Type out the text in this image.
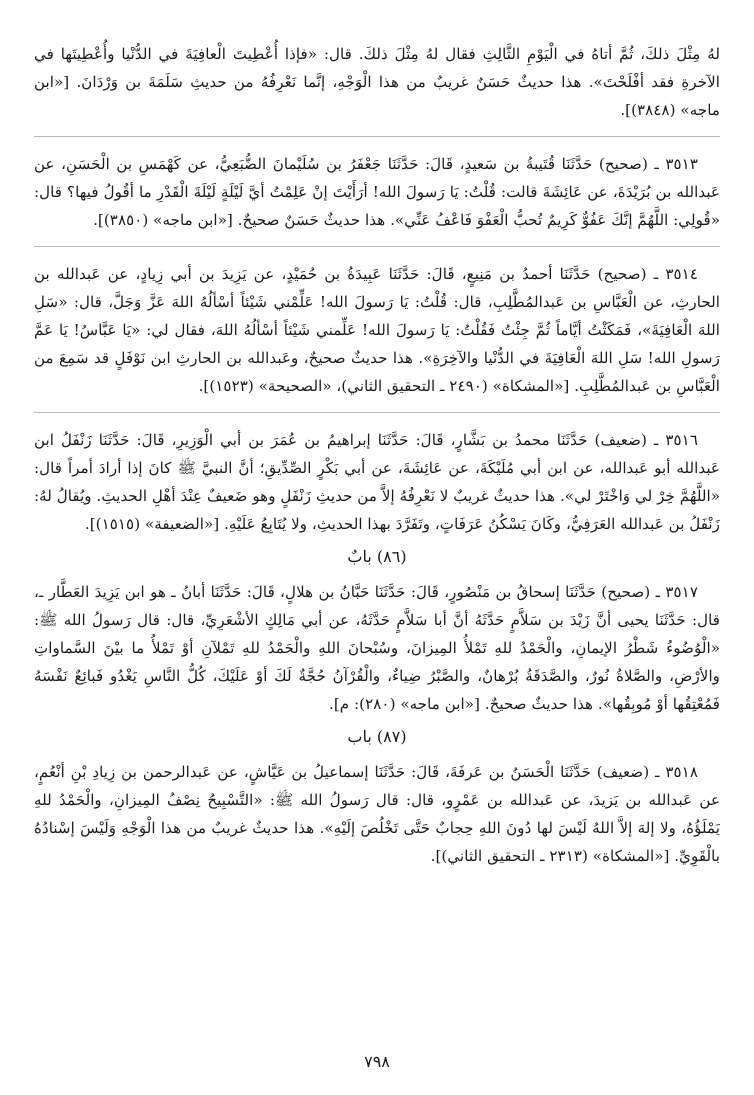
لهُ مِثْلَ ذلكَ، ثُمَّ أتاهُ في الْيَوْمِ الثَّالِثِ فقال لهُ مِثْلَ ذلكَ. قال: «فإذا أُعْطِيتَ الْعافِيَةَ في الدُّنْيا وأُعْطِيتَها في الآخرةِ فقد أفْلَحْتَ». هذا حديثٌ حَسَنٌ غريبٌ من هذا الْوَجْهِ، إنَّما نَعْرِفُهُ من حديثِ سَلَمَةَ بن وَرْدَانَ. [«ابن ماجه» (٣٨٤٨)].

٣٥١٣ ـ (صحيح) حَدَّثَنَا قُتَيبةُ بن سَعيدٍ، قَالَ: حَدَّثَنَا جَعْفَرُ بن سُلَيْمانَ الضُّبَعِيُّ، عن كَهْمَسِ بن الْحَسَنِ، عن عَبدالله بن بُرَيْدَةَ، عن عَائِشَةَ قالت: قُلْتُ: يَا رَسولَ الله! أرَأَيْتَ إنْ عَلِمْتُ أيَّ لَيْلَةٍ لَيْلَةَ الْقَدْرِ ما أقُولُ فيها؟ قال: «قُولِي: اللَّهُمَّ إنَّكَ عَفُوٌّ كَرِيمٌ تُحبُّ الْعَفْوَ فَاعْفُ عَنِّي». هذا حديثٌ حَسَنٌ صحيحٌ. [«ابن ماجه» (٣٨٥٠)].

٣٥١٤ ـ (صحيح) حَدَّثَنَا أحمدُ بن مَنِيعٍ، قَالَ: حَدَّثَنَا عَبِيدَةُ بن حُمَيْدٍ، عن يَزِيدَ بن أبي زِيادٍ، عن عَبدالله بن الحارثِ، عن الْعَبَّاسِ بن عَبدالمُطَّلِبِ، قال: قُلْتُ: يَا رَسولَ الله! عَلِّمْني شَيْئاً أسْألُهُ اللهَ عَزَّ وَجَلَّ، قال: «سَلِ اللهَ الْعَافِيَةَ»، فَمَكَثْتُ أيَّاماً ثُمَّ جِئْتُ فَقُلْتُ: يَا رَسولَ الله! عَلِّمني شَيْئاً أسْألُهُ اللهَ، فقال لي: «يَا عَبَّاسُ! يَا عَمَّ رَسولِ الله! سَلِ اللهَ الْعَافِيَةَ في الدُّنْيا والآخِرَةِ». هذا حديثٌ صحيحٌ، وعَبدالله بن الحارثِ ابن نَوْفَلٍ قد سَمِعَ من الْعَبَّاسِ بن عَبدالمُطَّلِبِ. [«المشكاة» (٢٤٩٠ ـ التحقيق الثاني)، «الصحيحة» (١٥٢٣)].

٣٥١٦ ـ (ضعيف) حَدَّثَنَا محمدُ بن بَشَّارٍ، قَالَ: حَدَّثَنَا إبراهيمُ بن عُمَرَ بن أبي الْوَزِيرِ، قَالَ: حَدَّثَنَا زَنْفَلُ ابن عَبدالله أبو عَبدالله، عن ابن أبي مُلَيْكَةَ، عن عَائِشَةَ، عن أبي بَكْرٍ الصِّدِّيقِ؛ أنَّ النبيَّ ﷺ كانَ إذا أرادَ أمراً قال: «اللَّهُمَّ خِرْ لي وَاخْتَرْ لي». هذا حديثٌ غريبٌ لا نَعْرِفُهُ إلاَّ من حديثِ زَنْفَلٍ وهو ضَعيفٌ عِنْدَ أهْلِ الحديثِ. ويُقالُ لهُ: زَنْفَلُ بن عَبدالله العَرَفِيُّ، وكَانَ يَسْكُنُ عَرَفَاتٍ، وتَفَرَّدَ بهذا الحديثِ، ولا يُتَابِعُ عَلَيْهِ. [«الضعيفة» (١٥١٥)].

(٨٦) بابٌ

٣٥١٧ ـ (صحيح) حَدَّثَنَا إسحاقُ بن مَنْصُورٍ، قَالَ: حَدَّثَنَا حَبَّانُ بن هلالٍ، قَالَ: حَدَّثَنَا أبانُ ـ هو ابن يَزِيدَ العَطَّار ـ، قال: حَدَّثَنَا يحيى أنَّ زَيْدَ بن سَلاَّمٍ حَدَّثَهُ أنَّ أبا سَلاَّمٍ حَدَّثَهُ، عن أبي مَالِكٍ الأشْعَرِيِّ، قال: قال رَسولُ الله ﷺ: «الْوُضُوءُ شَطْرُ الإيمانِ، والْحَمْدُ للهِ تَمْلأُ المِيزانَ، وسُبْحانَ اللهِ والْحَمْدُ للهِ تَمْلآنِ أوْ تَمْلأُ ما بيْنَ السَّماواتِ والأرْضِ، والصَّلاةُ نُورٌ، والصَّدَقَةُ بُرْهانٌ، والصَّبْرُ ضِياءٌ، والْقُرْآنُ حُجَّةٌ لَكَ أوْ عَلَيْكَ، كُلُّ النَّاسِ يَغْدُو فَبائِعٌ نَفْسَهُ فَمُعْتِقُها أوْ مُوبِقُها». هذا حديثٌ صحيحٌ. [«ابن ماجه» (٢٨٠): م].

(٨٧) باب

٣٥١٨ ـ (ضعيف) حَدَّثَنَا الْحَسَنُ بن عَرفَةَ، قَالَ: حَدَّثَنَا إسماعيلُ بن عَيَّاشٍ، عن عَبدالرحمن بن زِيادِ بْنِ أنْعُمٍ، عن عَبدالله بن يَزيدَ، عن عَبدالله بن عَمْرٍو، قال: قال رَسولُ الله ﷺ: «التَّسْبِيحُ نِصْفُ المِيزانِ، والْحَمْدُ للهِ يَمْلَؤُهُ، ولا إلهَ إلاَّ اللهُ لَيْسَ لها دُونَ اللهِ حِجابٌ حَتَّى تَخْلُصَ إلَيْهِ». هذا حديثٌ غريبٌ من هذا الْوَجْهِ وَلَيْسَ إسْنادُهُ بالْقَوِيِّ. [«المشكاة» (٢٣١٣ ـ التحقيق الثاني)].

٧٩٨
